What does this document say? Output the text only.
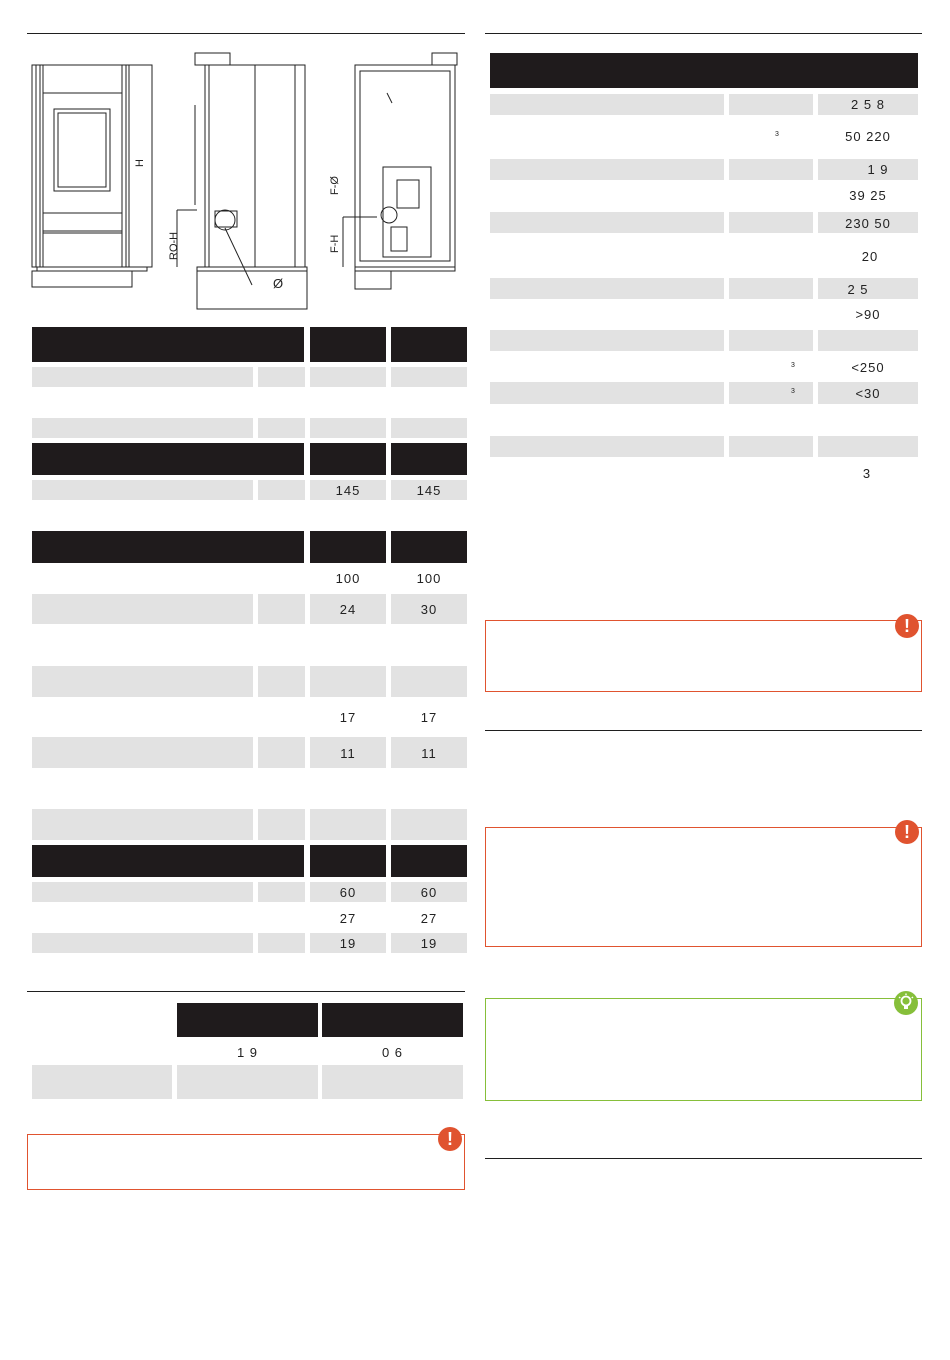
H
RO-H
F-Ø
F-H
Ø
145	145
100	100
24	30
17	17
11	11
60	60
27	27
19	19
1 9	0 6
!
2 5 8
3	50 220
1 9
39 25
230 50
20
2 5
>90
3	<250
3	<30
3
!
!
